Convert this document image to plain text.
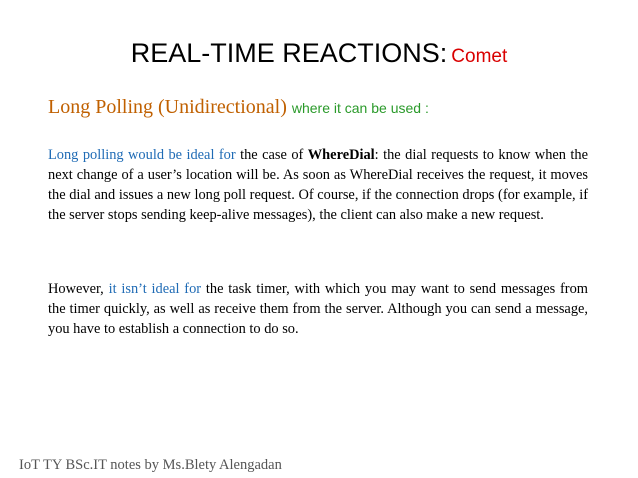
REAL-TIME REACTIONS: Comet
Long Polling (Unidirectional) where it can be used :
Long polling would be ideal for the case of WhereDial: the dial requests to know when the next change of a user’s location will be. As soon as WhereDial receives the request, it moves the dial and issues a new long poll request. Of course, if the connection drops (for example, if the server stops sending keep-alive messages), the client can also make a new request.
However, it isn’t ideal for the task timer, with which you may want to send messages from the timer quickly, as well as receive them from the server. Although you can send a message, you have to establish a connection to do so.
IoT TY BSc.IT notes by Ms.Blety Alengadan
